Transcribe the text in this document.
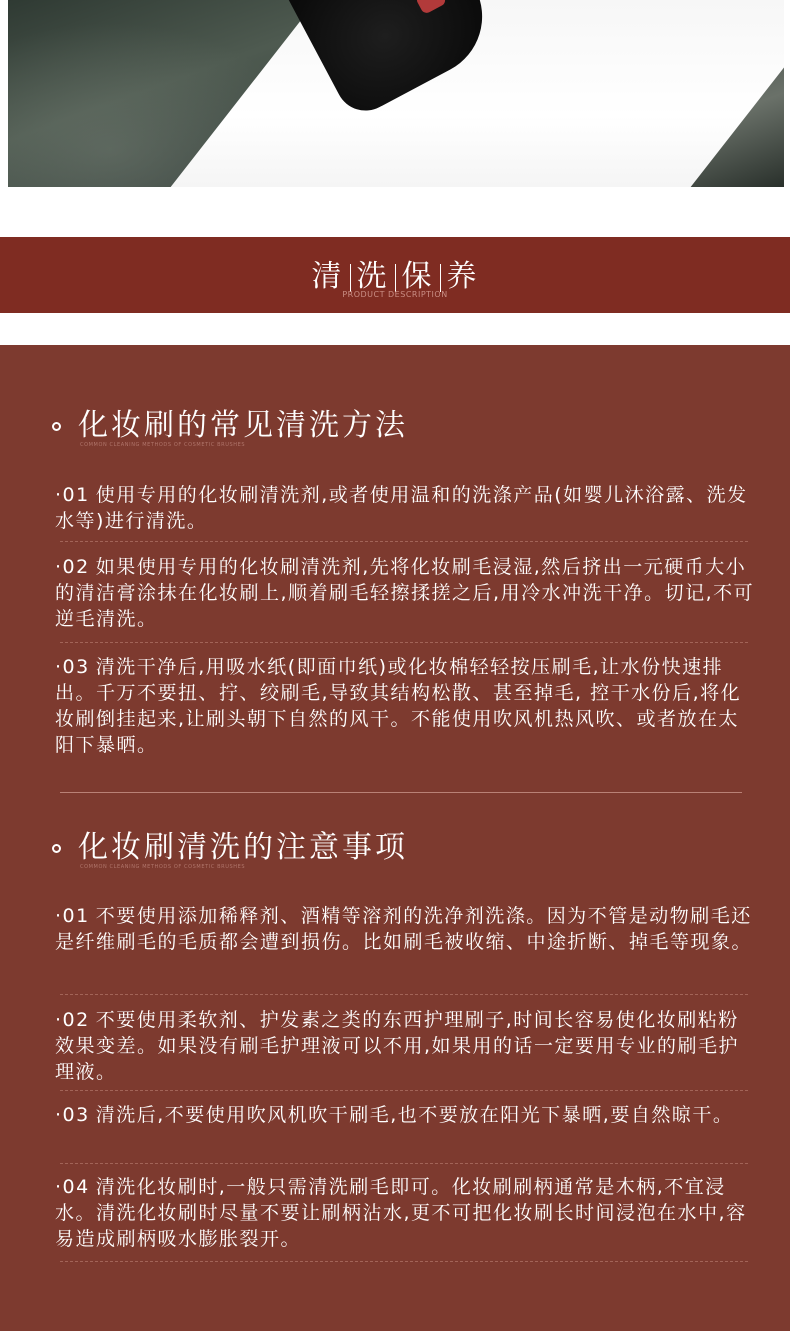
清 洗 保 养
PRODUCT DESCRIPTION
化妆刷的常见清洗方法
COMMON CLEANING METHODS OF COSMETIC BRUSHES
·01 使用专用的化妆刷清洗剂,或者使用温和的洗涤产品(如婴儿沐浴露、洗发水等)进行清洗。
·02 如果使用专用的化妆刷清洗剂,先将化妆刷毛浸湿,然后挤出一元硬币大小的清洁膏涂抹在化妆刷上,顺着刷毛轻擦揉搓之后,用冷水冲洗干净。切记,不可逆毛清洗。
·03 清洗干净后,用吸水纸(即面巾纸)或化妆棉轻轻按压刷毛,让水份快速排出。千万不要扭、拧、绞刷毛,导致其结构松散、甚至掉毛, 控干水份后,将化妆刷倒挂起来,让刷头朝下自然的风干。不能使用吹风机热风吹、或者放在太阳下暴晒。
化妆刷清洗的注意事项
COMMON CLEANING METHODS OF COSMETIC BRUSHES
·01 不要使用添加稀释剂、酒精等溶剂的洗净剂洗涤。因为不管是动物刷毛还是纤维刷毛的毛质都会遭到损伤。比如刷毛被收缩、中途折断、掉毛等现象。
·02 不要使用柔软剂、护发素之类的东西护理刷子,时间长容易使化妆刷粘粉效果变差。如果没有刷毛护理液可以不用,如果用的话一定要用专业的刷毛护理液。
·03 清洗后,不要使用吹风机吹干刷毛,也不要放在阳光下暴晒,要自然晾干。
·04 清洗化妆刷时,一般只需清洗刷毛即可。化妆刷刷柄通常是木柄,不宜浸水。清洗化妆刷时尽量不要让刷柄沾水,更不可把化妆刷长时间浸泡在水中,容易造成刷柄吸水膨胀裂开。
